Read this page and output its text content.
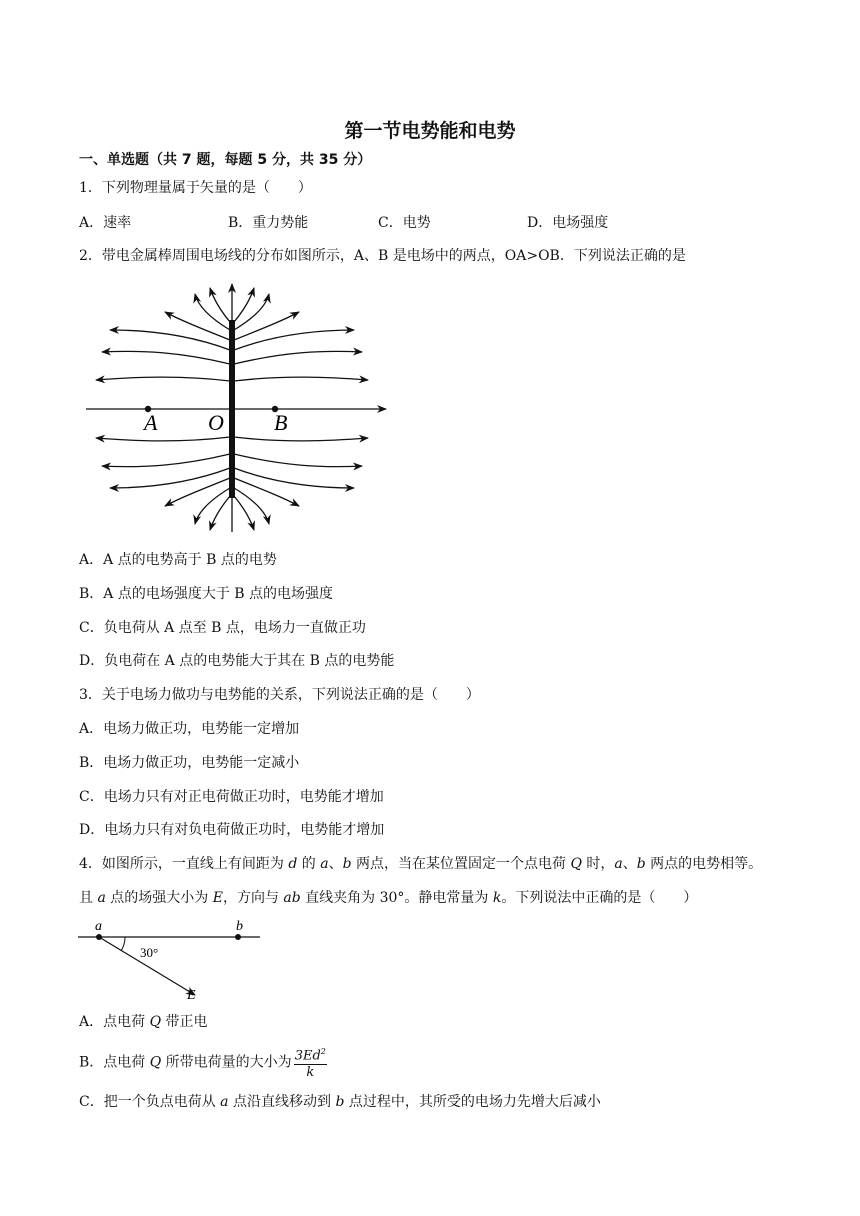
第一节电势能和电势
一、单选题（共 7 题，每题 5 分，共 35 分）
1．下列物理量属于矢量的是（　　）
A．速率	B．重力势能	C．电势	D．电场强度
2．带电金属棒周围电场线的分布如图所示，A、B 是电场中的两点，OA>OB．下列说法正确的是
A O B
A．A 点的电势高于 B 点的电势
B．A 点的电场强度大于 B 点的电场强度
C．负电荷从 A 点至 B 点，电场力一直做正功
D．负电荷在 A 点的电势能大于其在 B 点的电势能
3．关于电场力做功与电势能的关系，下列说法正确的是（　　）
A．电场力做正功，电势能一定增加
B．电场力做正功，电势能一定减小
C．电场力只有对正电荷做正功时，电势能才增加
D．电场力只有对负电荷做正功时，电势能才增加
4．如图所示，一直线上有间距为 d 的 a、b 两点，当在某位置固定一个点电荷 Q 时，a、b 两点的电势相等。
且 a 点的场强大小为 E，方向与 ab 直线夹角为 30°。静电常量为 k。下列说法中正确的是（　　）
a	b
30°
E
A．点电荷 Q 带正电
B．点电荷 Q 所带电荷量的大小为 $\frac{3Ed^2}{k}$
C．把一个负点电荷从 a 点沿直线移动到 b 点过程中，其所受的电场力先增大后减小
